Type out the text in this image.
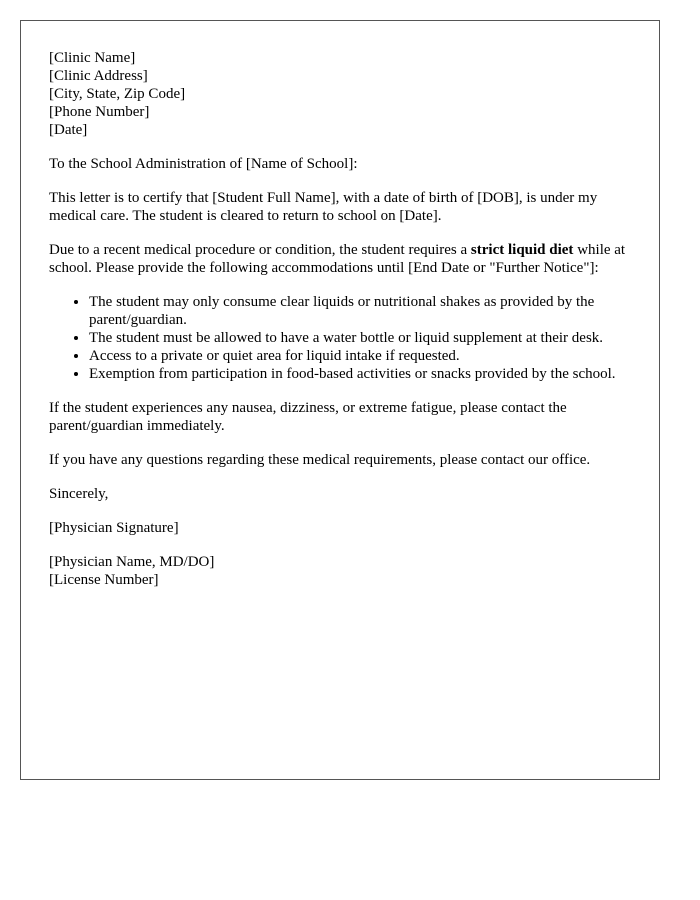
[Clinic Name]
[Clinic Address]
[City, State, Zip Code]
[Phone Number]
[Date]

To the School Administration of [Name of School]:

This letter is to certify that [Student Full Name], with a date of birth of [DOB], is under my medical care. The student is cleared to return to school on [Date].

Due to a recent medical procedure or condition, the student requires a strict liquid diet while at school. Please provide the following accommodations until [End Date or "Further Notice"]:

• The student may only consume clear liquids or nutritional shakes as provided by the parent/guardian.
• The student must be allowed to have a water bottle or liquid supplement at their desk.
• Access to a private or quiet area for liquid intake if requested.
• Exemption from participation in food-based activities or snacks provided by the school.

If the student experiences any nausea, dizziness, or extreme fatigue, please contact the parent/guardian immediately.

If you have any questions regarding these medical requirements, please contact our office.

Sincerely,

[Physician Signature]

[Physician Name, MD/DO]
[License Number]
